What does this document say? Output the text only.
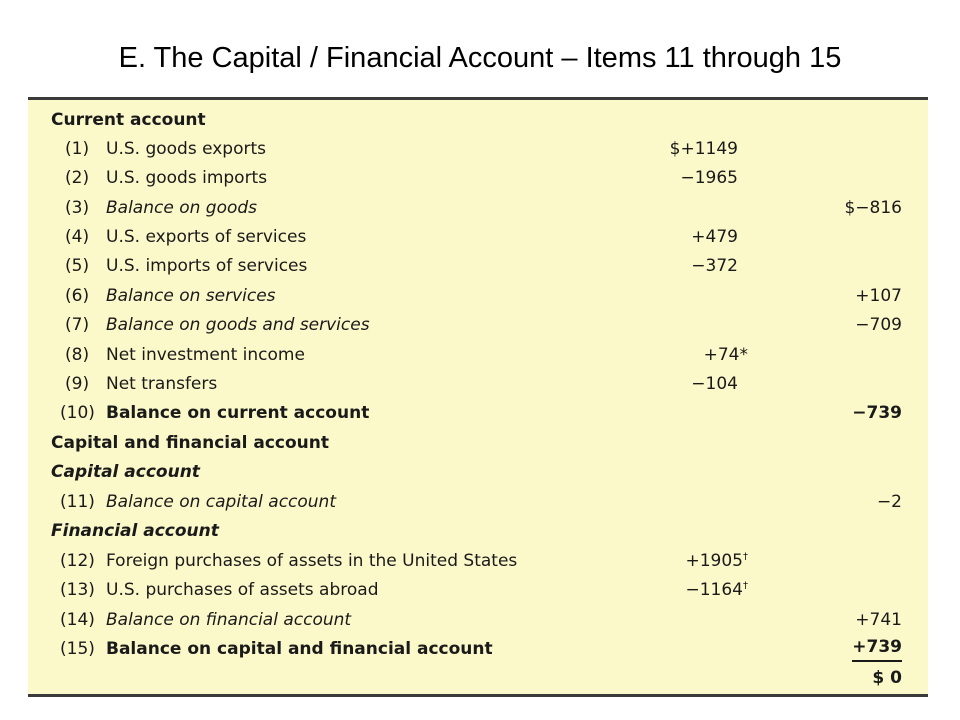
E. The Capital / Financial Account – Items 11 through 15
Current account
(1) U.S. goods exports	$+1149
(2) U.S. goods imports	−1965
(3) Balance on goods	$−816
(4) U.S. exports of services	+479
(5) U.S. imports of services	−372
(6) Balance on services	+107
(7) Balance on goods and services	−709
(8) Net investment income	+74*
(9) Net transfers	−104
(10) Balance on current account	−739
Capital and financial account
Capital account
(11) Balance on capital account	−2
Financial account
(12) Foreign purchases of assets in the United States	+1905†
(13) U.S. purchases of assets abroad	−1164†
(14) Balance on financial account	+741
(15) Balance on capital and financial account	+739
$ 0
